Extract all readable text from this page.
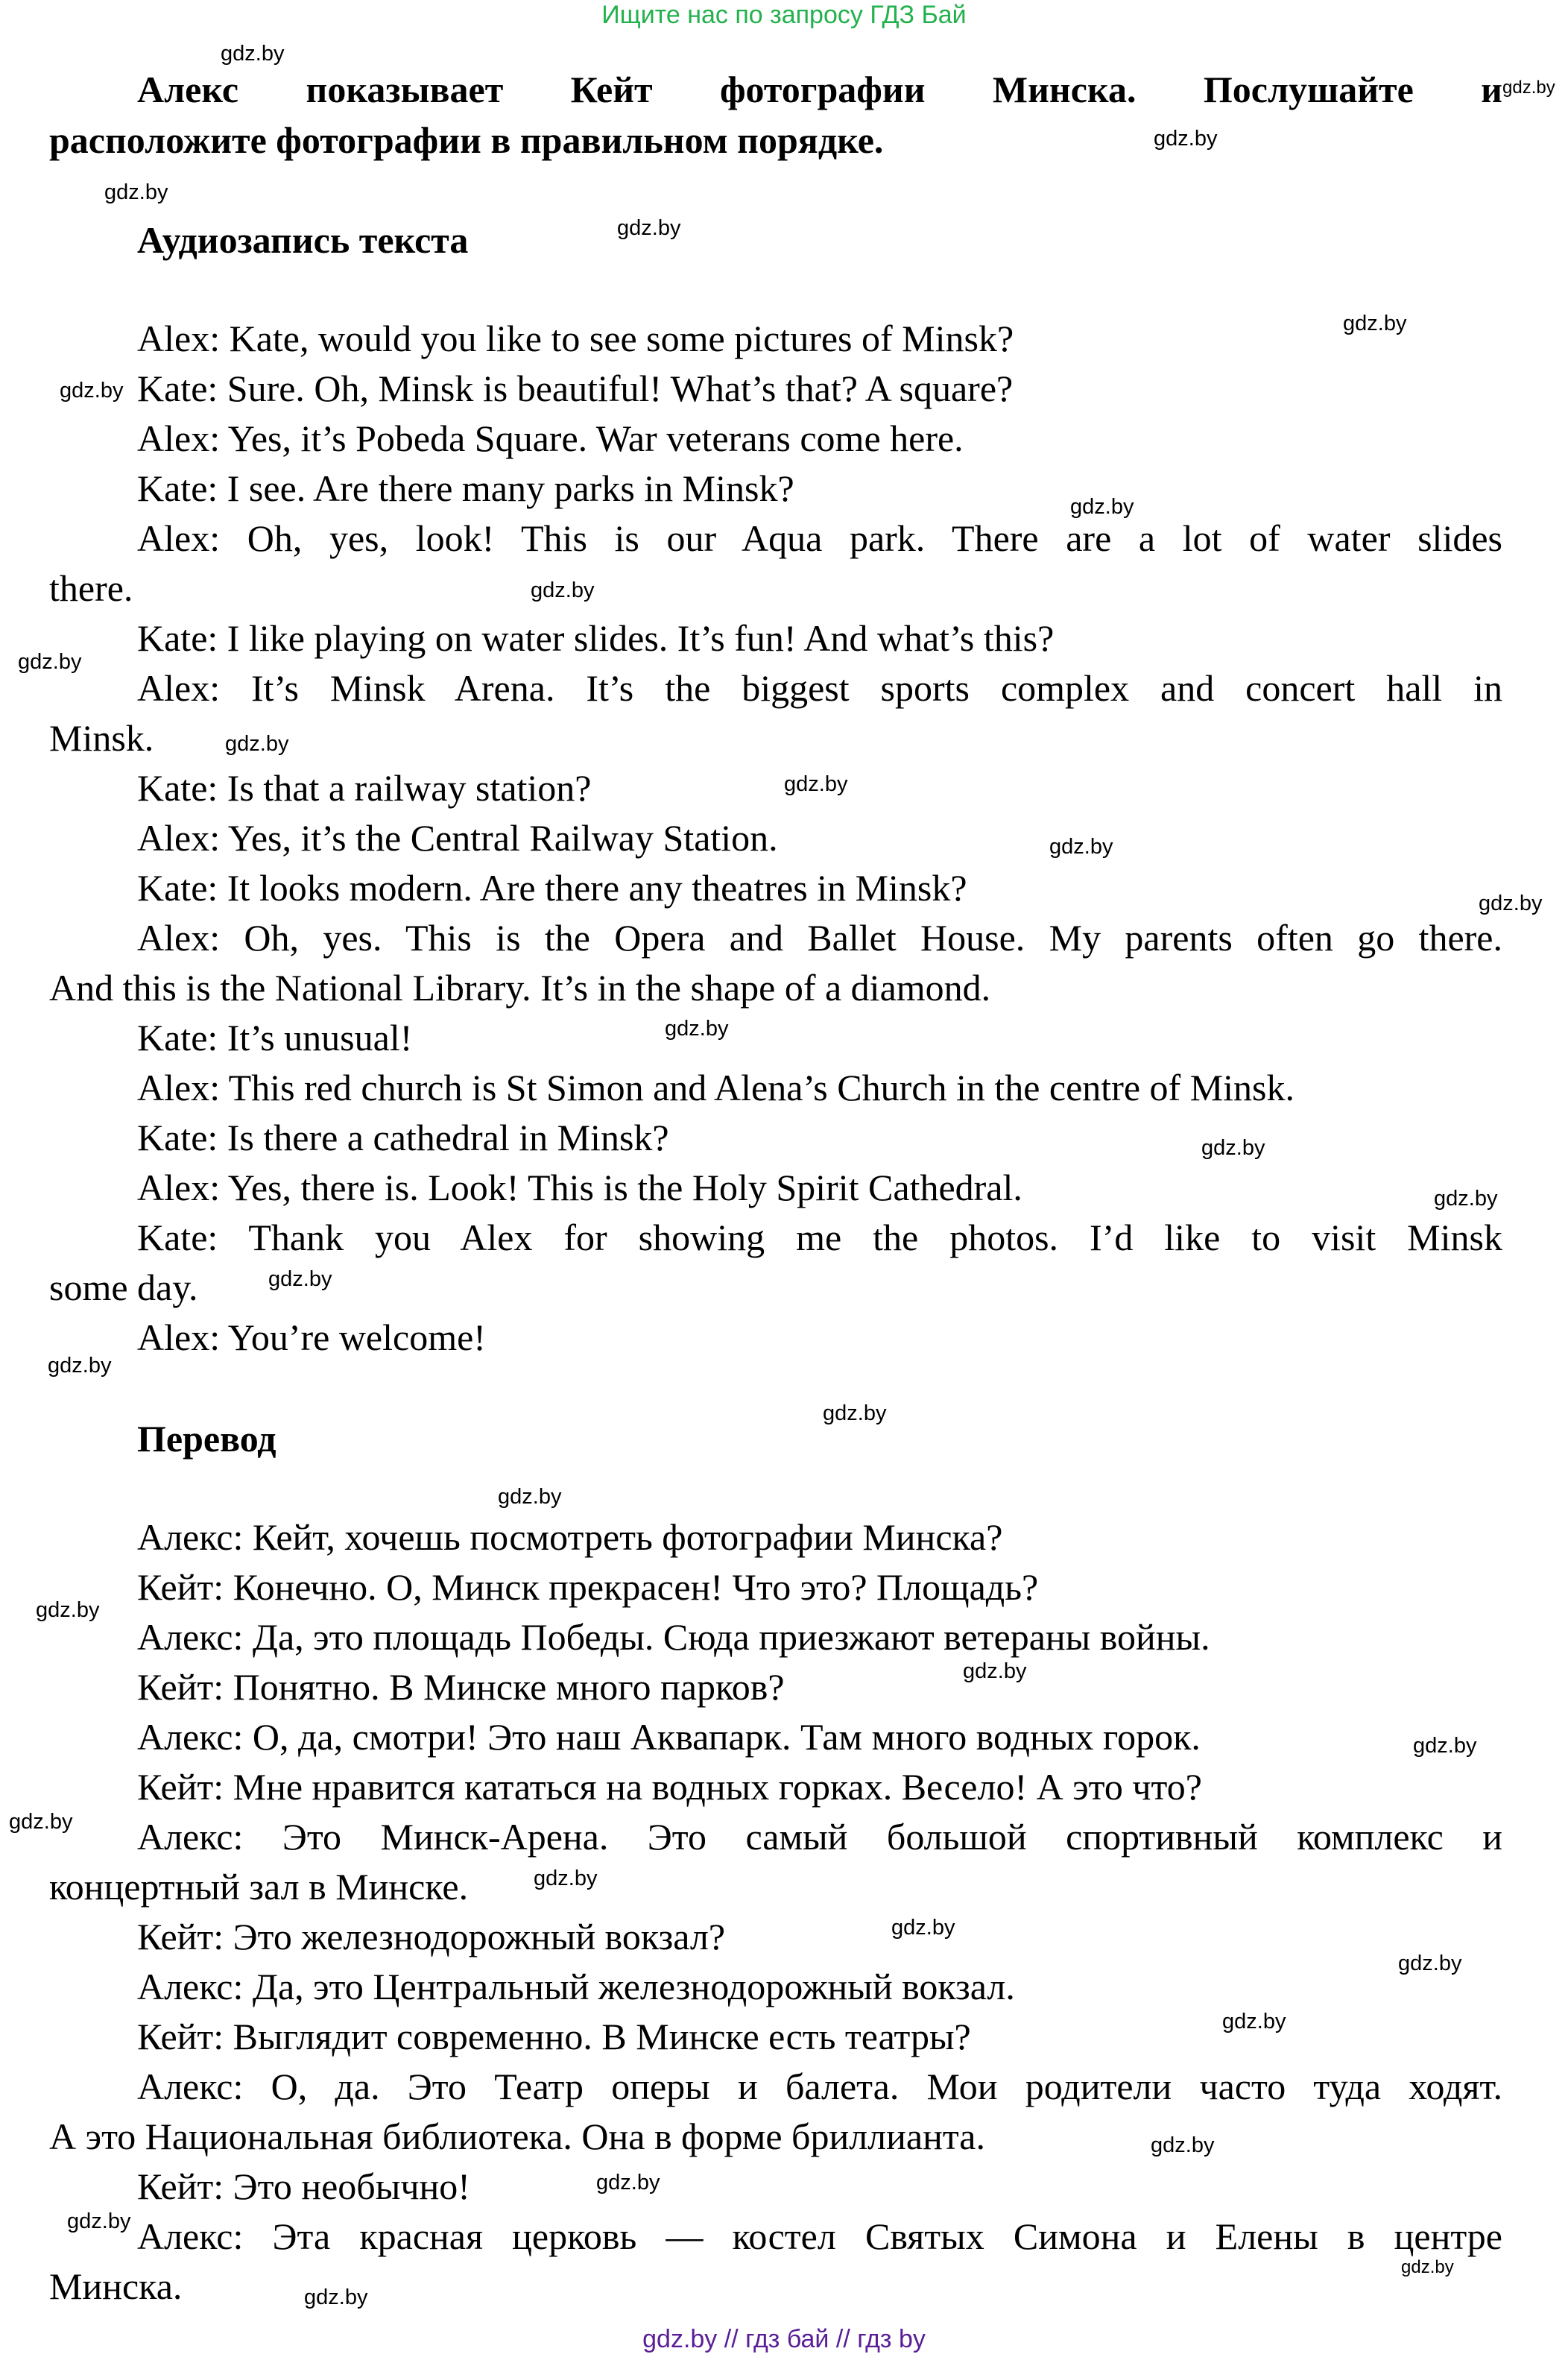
Ищите нас по запросу ГДЗ Бай
Алекс показывает Кейт фотографии Минска. Послушайте и
расположите фотографии в правильном порядке.
Аудиозапись текста
Alex: Kate, would you like to see some pictures of Minsk?
Kate: Sure. Oh, Minsk is beautiful! What’s that? A square?
Alex: Yes, it’s Pobeda Square. War veterans come here.
Kate: I see. Are there many parks in Minsk?
Alex: Oh, yes, look! This is our Aqua park. There are a lot of water slides
there.
Kate: I like playing on water slides. It’s fun! And what’s this?
Alex: It’s Minsk Arena. It’s the biggest sports complex and concert hall in
Minsk.
Kate: Is that a railway station?
Alex: Yes, it’s the Central Railway Station.
Kate: It looks modern. Are there any theatres in Minsk?
Alex: Oh, yes. This is the Opera and Ballet House. My parents often go there.
And this is the National Library. It’s in the shape of a diamond.
Kate: It’s unusual!
Alex: This red church is St Simon and Alena’s Church in the centre of Minsk.
Kate: Is there a cathedral in Minsk?
Alex: Yes, there is. Look! This is the Holy Spirit Cathedral.
Kate: Thank you Alex for showing me the photos. I’d like to visit Minsk
some day.
Alex: You’re welcome!
Перевод
Алекс: Кейт, хочешь посмотреть фотографии Минска?
Кейт: Конечно. О, Минск прекрасен! Что это? Площадь?
Алекс: Да, это площадь Победы. Сюда приезжают ветераны войны.
Кейт: Понятно. В Минске много парков?
Алекс: О, да, смотри! Это наш Аквапарк. Там много водных горок.
Кейт: Мне нравится кататься на водных горках. Весело! А это что?
Алекс: Это Минск-Арена. Это самый большой спортивный комплекс и
концертный зал в Минске.
Кейт: Это железнодорожный вокзал?
Алекс: Да, это Центральный железнодорожный вокзал.
Кейт: Выглядит современно. В Минске есть театры?
Алекс: О, да. Это Театр оперы и балета. Мои родители часто туда ходят.
А это Национальная библиотека. Она в форме бриллианта.
Кейт: Это необычно!
Алекс: Эта красная церковь — костел Святых Симона и Елены в центре
Минска.
gdz.by
gdz.by
gdz.by
gdz.by
gdz.by
gdz.by
gdz.by
gdz.by
gdz.by
gdz.by
gdz.by
gdz.by
gdz.by
gdz.by
gdz.by
gdz.by
gdz.by
gdz.by
gdz.by
gdz.by
gdz.by
gdz.by
gdz.by
gdz.by
gdz.by
gdz.by
gdz.by
gdz.by
gdz.by
gdz.by
gdz.by
gdz.by
gdz.by
gdz.by
gdz.by // гдз бай // гдз by
